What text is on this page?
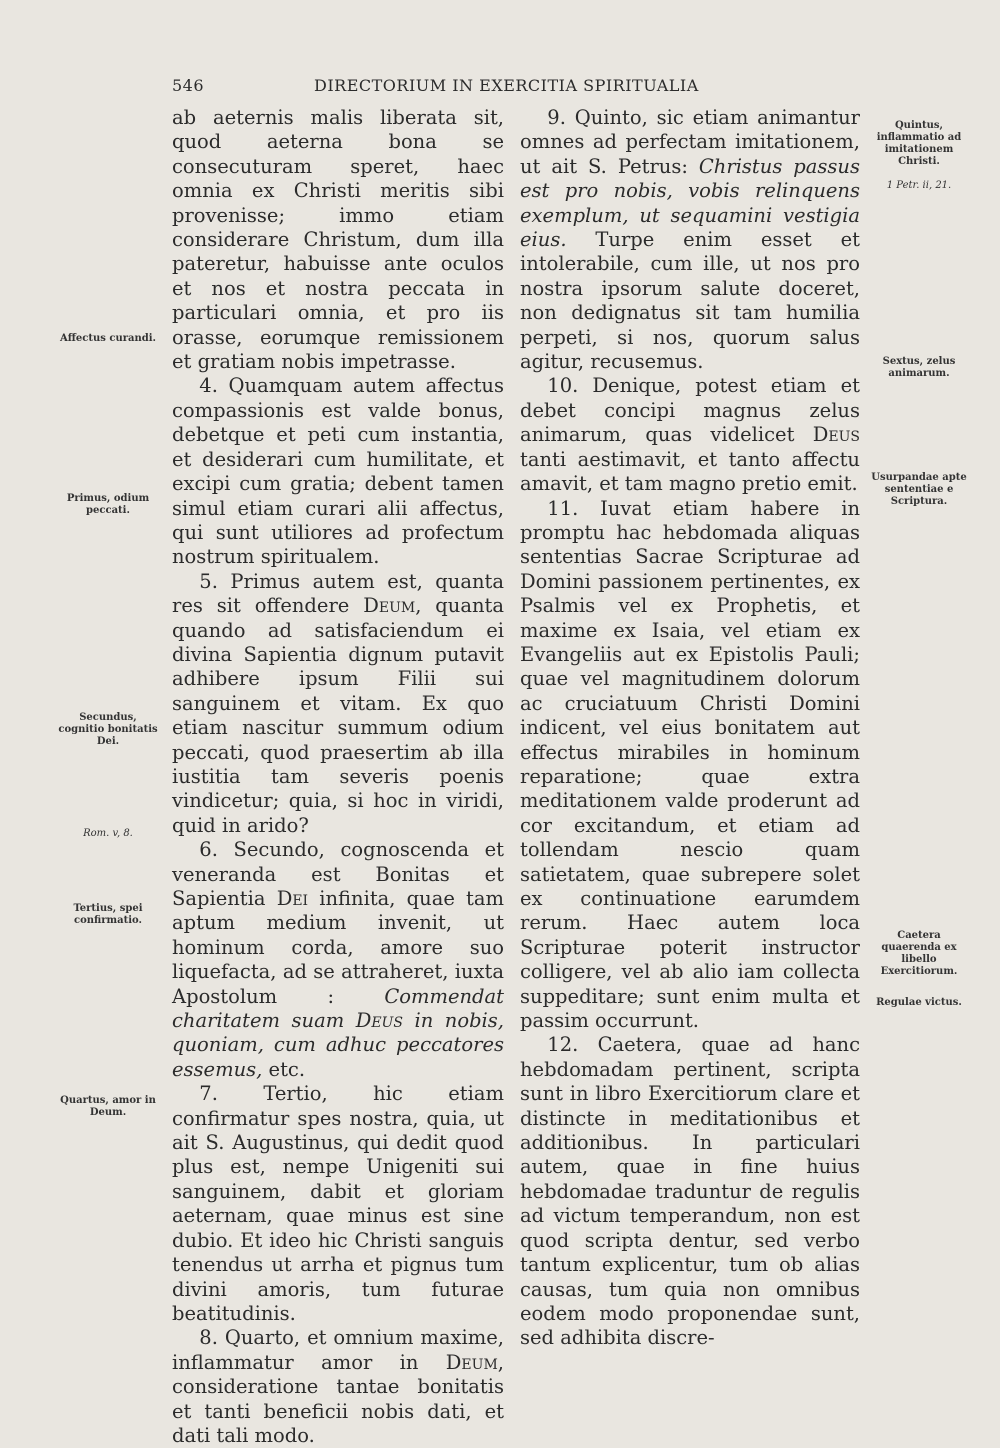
546	DIRECTORIUM IN EXERCITIA SPIRITUALIA

ab aeternis malis liberata sit, quod aeterna bona se consecuturam speret, haec omnia ex Christi meritis sibi provenisse; immo etiam considerare Christum, dum illa pateretur, habuisse ante oculos et nos et nostra peccata in particulari omnia, et pro iis orasse, eorumque remissionem et gratiam nobis impetrasse.

4. Quamquam autem affectus compassionis est valde bonus, debetque et peti cum instantia, et desiderari cum humilitate, et excipi cum gratia; debent tamen simul etiam curari alii affectus, qui sunt utiliores ad profectum nostrum spiritualem.

5. Primus autem est, quanta res sit offendere Deum, quanta quando ad satisfaciendum ei divina Sapientia dignum putavit adhibere ipsum Filii sui sanguinem et vitam. Ex quo etiam nascitur summum odium peccati, quod praesertim ab illa iustitia tam severis poenis vindicetur; quia, si hoc in viridi, quid in arido?

6. Secundo, cognoscenda et veneranda est Bonitas et Sapientia Dei infinita, quae tam aptum medium invenit, ut hominum corda, amore suo liquefacta, ad se attraheret, iuxta Apostolum : Commendat charitatem suam Deus in nobis, quoniam, cum adhuc peccatores essemus, etc.

7. Tertio, hic etiam confirmatur spes nostra, quia, ut ait S. Augustinus, qui dedit quod plus est, nempe Unigeniti sui sanguinem, dabit et gloriam aeternam, quae minus est sine dubio. Et ideo hic Christi sanguis tenendus ut arrha et pignus tum divini amoris, tum futurae beatitudinis.

8. Quarto, et omnium maxime, inflammatur amor in Deum, consideratione tantae bonitatis et tanti beneficii nobis dati, et dati tali modo.

9. Quinto, sic etiam animantur omnes ad perfectam imitationem, ut ait S. Petrus: Christus passus est pro nobis, vobis relinquens exemplum, ut sequamini vestigia eius. Turpe enim esset et intolerabile, cum ille, ut nos pro nostra ipsorum salute doceret, non dedignatus sit tam humilia perpeti, si nos, quorum salus agitur, recusemus.

10. Denique, potest etiam et debet concipi magnus zelus animarum, quas videlicet Deus tanti aestimavit, et tanto affectu amavit, et tam magno pretio emit.

11. Iuvat etiam habere in promptu hac hebdomada aliquas sententias Sacrae Scripturae ad Domini passionem pertinentes, ex Psalmis vel ex Prophetis, et maxime ex Isaia, vel etiam ex Evangeliis aut ex Epistolis Pauli; quae vel magnitudinem dolorum ac cruciatuum Christi Domini indicent, vel eius bonitatem aut effectus mirabiles in hominum reparatione; quae extra meditationem valde proderunt ad cor excitandum, et etiam ad tollendam nescio quam satietatem, quae subrepere solet ex continuatione earumdem rerum. Haec autem loca Scripturae poterit instructor colligere, vel ab alio iam collecta suppeditare; sunt enim multa et passim occurrunt.

12. Caetera, quae ad hanc hebdomadam pertinent, scripta sunt in libro Exercitiorum clare et distincte in meditationibus et additionibus. In particulari autem, quae in fine huius hebdomadae traduntur de regulis ad victum temperandum, non est quod scripta dentur, sed verbo tantum explicentur, tum ob alias causas, tum quia non omnibus eodem modo proponendae sunt, sed adhibita discre-

Affectus curandi.
Primus, odium peccati.
Secundus, cognitio bonitatis Dei.
Rom. v, 8.
Tertius, spei confirmatio.
Quartus, amor in Deum.
Quintus, inflammatio ad imitationem Christi.
1 Petr. ii, 21.
Sextus, zelus animarum.
Usurpandae apte sententiae e Scriptura.
Caetera quaerenda ex libello Exercitiorum.
Regulae victus.
